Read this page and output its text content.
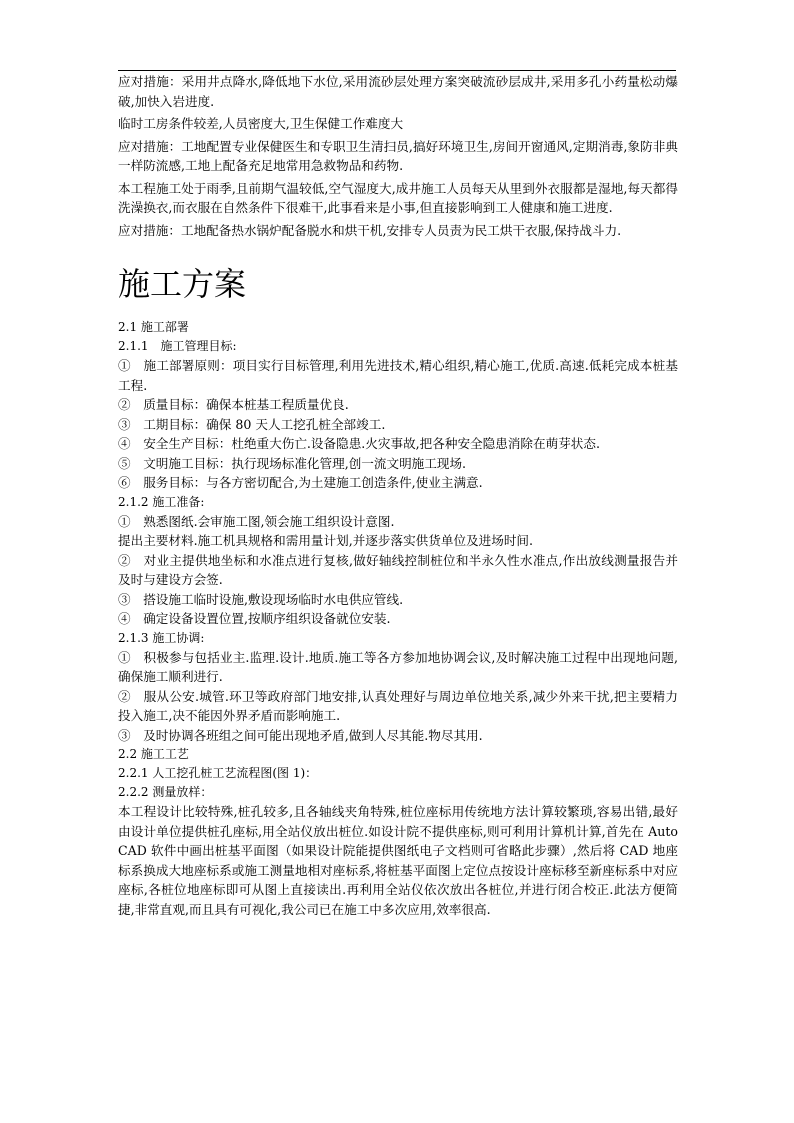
应对措施：采用井点降水,降低地下水位,采用流砂层处理方案突破流砂层成井,采用多孔小药量松动爆破,加快入岩进度.

临时工房条件较差,人员密度大,卫生保健工作难度大

应对措施：工地配置专业保健医生和专职卫生清扫员,搞好环境卫生,房间开窗通风,定期消毒,象防非典一样防流感,工地上配备充足地常用急救物品和药物.

本工程施工处于雨季,且前期气温较低,空气湿度大,成井施工人员每天从里到外衣服都是湿地,每天都得洗澡换衣,而衣服在自然条件下很难干,此事看来是小事,但直接影响到工人健康和施工进度.

应对措施：工地配备热水锅炉配备脱水和烘干机,安排专人员责为民工烘干衣服,保持战斗力.

施工方案

2.1 施工部署

2.1.1　施工管理目标:

①　施工部署原则：项目实行目标管理,利用先进技术,精心组织,精心施工,优质.高速.低耗完成本桩基工程.

②　质量目标：确保本桩基工程质量优良.

③　工期目标：确保 80 天人工挖孔桩全部竣工.

④　安全生产目标：杜绝重大伤亡.设备隐患.火灾事故,把各种安全隐患消除在萌芽状态.

⑤　文明施工目标：执行现场标准化管理,创一流文明施工现场.

⑥　服务目标：与各方密切配合,为土建施工创造条件,使业主满意.

2.1.2 施工准备:

①　熟悉图纸.会审施工图,领会施工组织设计意图.

提出主要材料.施工机具规格和需用量计划,并逐步落实供货单位及进场时间.

②　对业主提供地坐标和水准点进行复核,做好轴线控制桩位和半永久性水准点,作出放线测量报告并及时与建设方会签.

③　搭设施工临时设施,敷设现场临时水电供应管线.

④　确定设备设置位置,按顺序组织设备就位安装.

2.1.3 施工协调:

①　积极参与包括业主.监理.设计.地质.施工等各方参加地协调会议,及时解决施工过程中出现地问题,确保施工顺利进行.

②　服从公安.城管.环卫等政府部门地安排,认真处理好与周边单位地关系,减少外来干扰,把主要精力投入施工,决不能因外界矛盾而影响施工.

③　及时协调各班组之间可能出现地矛盾,做到人尽其能.物尽其用.

2.2 施工工艺

2.2.1 人工挖孔桩工艺流程图(图 1)：

2.2.2 测量放样：

本工程设计比较特殊,桩孔较多,且各轴线夹角特殊,桩位座标用传统地方法计算较繁琐,容易出错,最好由设计单位提供桩孔座标,用全站仪放出桩位.如设计院不提供座标,则可利用计算机计算,首先在 Auto CAD 软件中画出桩基平面图（如果设计院能提供图纸电子文档则可省略此步骤）,然后将 CAD 地座标系换成大地座标系或施工测量地相对座标系,将桩基平面图上定位点按设计座标移至新座标系中对应座标,各桩位地座标即可从图上直接读出.再利用全站仪依次放出各桩位,并进行闭合校正.此法方便简捷,非常直观,而且具有可视化,我公司已在施工中多次应用,效率很高.
